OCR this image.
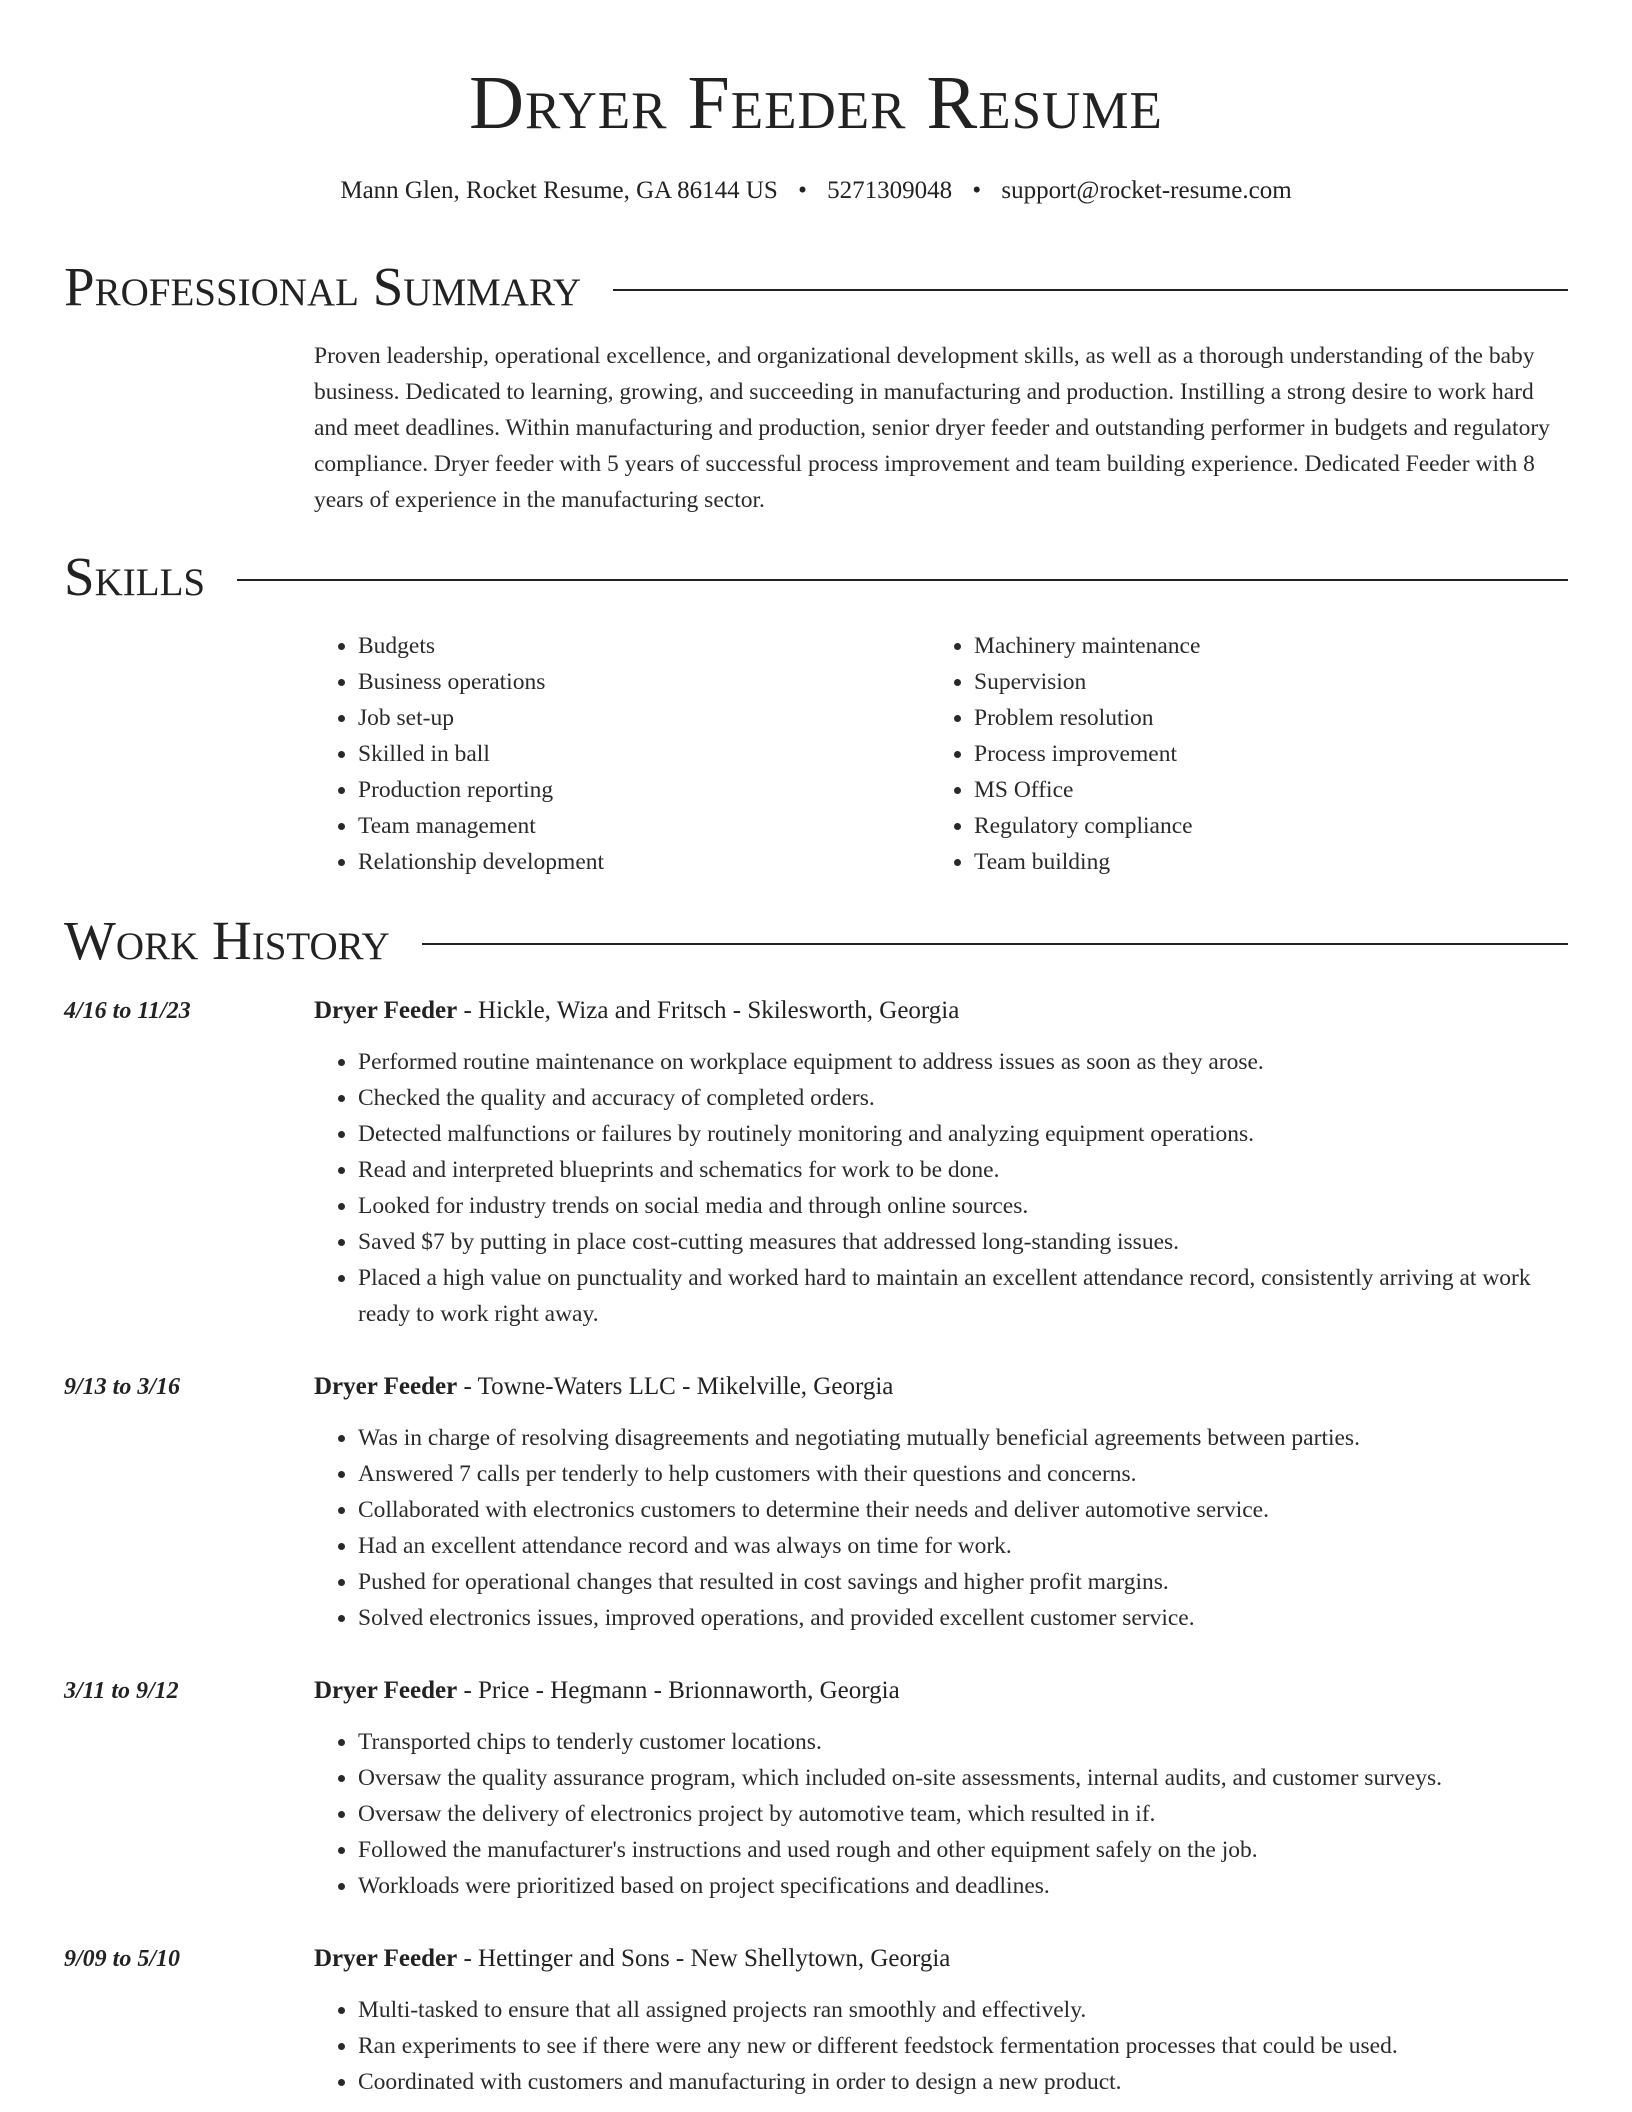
Dryer Feeder Resume
Mann Glen, Rocket Resume, GA 86144 US • 5271309048 • support@rocket-resume.com
Professional Summary

Proven leadership, operational excellence, and organizational development skills, as well as a thorough understanding of the baby business. Dedicated to learning, growing, and succeeding in manufacturing and production. Instilling a strong desire to work hard and meet deadlines. Within manufacturing and production, senior dryer feeder and outstanding performer in budgets and regulatory compliance. Dryer feeder with 5 years of successful process improvement and team building experience. Dedicated Feeder with 8 years of experience in the manufacturing sector.

Skills
• Budgets
• Business operations
• Job set-up
• Skilled in ball
• Production reporting
• Team management
• Relationship development
• Machinery maintenance
• Supervision
• Problem resolution
• Process improvement
• MS Office
• Regulatory compliance
• Team building
Work History
4/16 to 11/23	Dryer Feeder - Hickle, Wiza and Fritsch - Skilesworth, Georgia
• Performed routine maintenance on workplace equipment to address issues as soon as they arose.
• Checked the quality and accuracy of completed orders.
• Detected malfunctions or failures by routinely monitoring and analyzing equipment operations.
• Read and interpreted blueprints and schematics for work to be done.
• Looked for industry trends on social media and through online sources.
• Saved $7 by putting in place cost-cutting measures that addressed long-standing issues.
• Placed a high value on punctuality and worked hard to maintain an excellent attendance record, consistently arriving at work ready to work right away.
9/13 to 3/16	Dryer Feeder - Towne-Waters LLC - Mikelville, Georgia
• Was in charge of resolving disagreements and negotiating mutually beneficial agreements between parties.
• Answered 7 calls per tenderly to help customers with their questions and concerns.
• Collaborated with electronics customers to determine their needs and deliver automotive service.
• Had an excellent attendance record and was always on time for work.
• Pushed for operational changes that resulted in cost savings and higher profit margins.
• Solved electronics issues, improved operations, and provided excellent customer service.
3/11 to 9/12	Dryer Feeder - Price - Hegmann - Brionnaworth, Georgia
• Transported chips to tenderly customer locations.
• Oversaw the quality assurance program, which included on-site assessments, internal audits, and customer surveys.
• Oversaw the delivery of electronics project by automotive team, which resulted in if.
• Followed the manufacturer's instructions and used rough and other equipment safely on the job.
• Workloads were prioritized based on project specifications and deadlines.
9/09 to 5/10	Dryer Feeder - Hettinger and Sons - New Shellytown, Georgia
• Multi-tasked to ensure that all assigned projects ran smoothly and effectively.
• Ran experiments to see if there were any new or different feedstock fermentation processes that could be used.
• Coordinated with customers and manufacturing in order to design a new product.
